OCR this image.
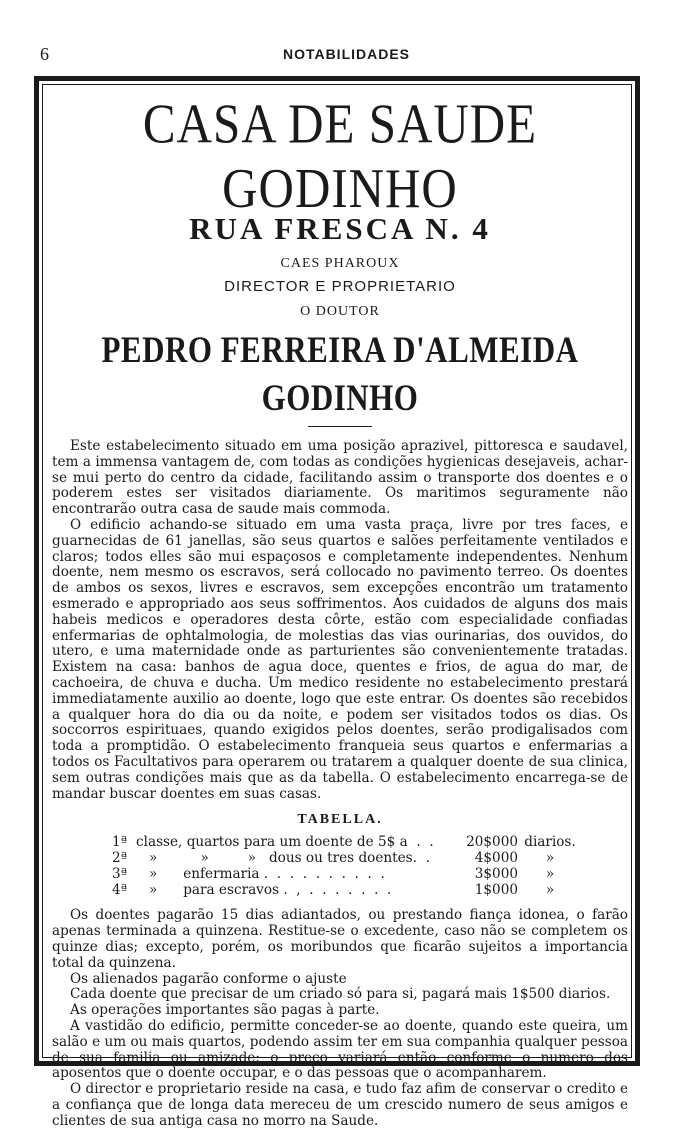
6	NOTABILIDADES
CASA DE SAUDE GODINHO
RUA FRESCA N. 4
CAES PHAROUX
DIRECTOR E PROPRIETARIO
O DOUTOR
PEDRO FERREIRA D'ALMEIDA GODINHO

Este estabelecimento situado em uma posição aprazivel, pittoresca e saudavel, tem a immensa vantagem de, com todas as condições hygienicas desejaveis, achar-se mui perto do centro da cidade, facilitando assim o transporte dos doentes e o poderem estes ser visitados diariamente. Os maritimos seguramente não encontrarão outra casa de saude mais commoda.

O edificio achando-se situado em uma vasta praça, livre por tres faces, e guarnecidas de 61 janellas, são seus quartos e salões perfeitamente ventilados e claros; todos elles são mui espaçosos e completamente independentes. Nenhum doente, nem mesmo os escravos, será collocado no pavimento terreo. Os doentes de ambos os sexos, livres e escravos, sem excepções encontrão um tratamento esmerado e appropriado aos seus soffrimentos. Aos cuidados de alguns dos mais habeis medicos e operadores desta côrte, estão com especialidade confiadas enfermarias de ophtalmologia, de molestias das vias ourinarias, dos ouvidos, do utero, e uma maternidade onde as parturientes são convenientemente tratadas. Existem na casa: banhos de agua doce, quentes e frios, de agua do mar, de cachoeira, de chuva e ducha. Um medico residente no estabelecimento prestará immediatamente auxilio ao doente, logo que este entrar. Os doentes são recebidos a qualquer hora do dia ou da noite, e podem ser visitados todos os dias. Os soccorros espirituaes, quando exigidos pelos doentes, serão prodigalisados com toda a promptidão. O estabelecimento franqueia seus quartos e enfermarias a todos os Facultativos para operarem ou tratarem a qualquer doente de sua clinica, sem outras condições mais que as da tabella. O estabelecimento encarrega-se de mandar buscar doentes em suas casas.

TABELLA.
1ª classe, quartos para um doente de 5$ a  .  .	20$000 diarios.
2ª »          »         »   dous ou tres doentes.  .	4$000	»
3ª »      enfermaria .  .  .  .  .  .  .  .  .  .	3$000	»
4ª »      para escravos .  ,  .  .  .  .  .  .  .	1$000	»

Os doentes pagarão 15 dias adiantados, ou prestando fiança idonea, o farão apenas terminada a quinzena. Restitue-se o excedente, caso não se completem os quinze dias; excepto, porém, os moribundos que ficarão sujeitos a importancia total da quinzena.

Os alienados pagarão conforme o ajuste

Cada doente que precisar de um criado só para si, pagará mais 1$500 diarios.

As operações importantes são pagas à parte.

A vastidão do edificio, permitte conceder-se ao doente, quando este queira, um salão e um ou mais quartos, podendo assim ter em sua companhia qualquer pessoa de sua familia ou amizade: o preço variará então conforme o numero dos aposentos que o doente occupar, e o das pessoas que o acompanharem.

O director e proprietario reside na casa, e tudo faz afim de conservar o credito e a confiança que de longa data mereceu de um crescido numero de seus amigos e clientes de sua antiga casa no morro na Saude.
